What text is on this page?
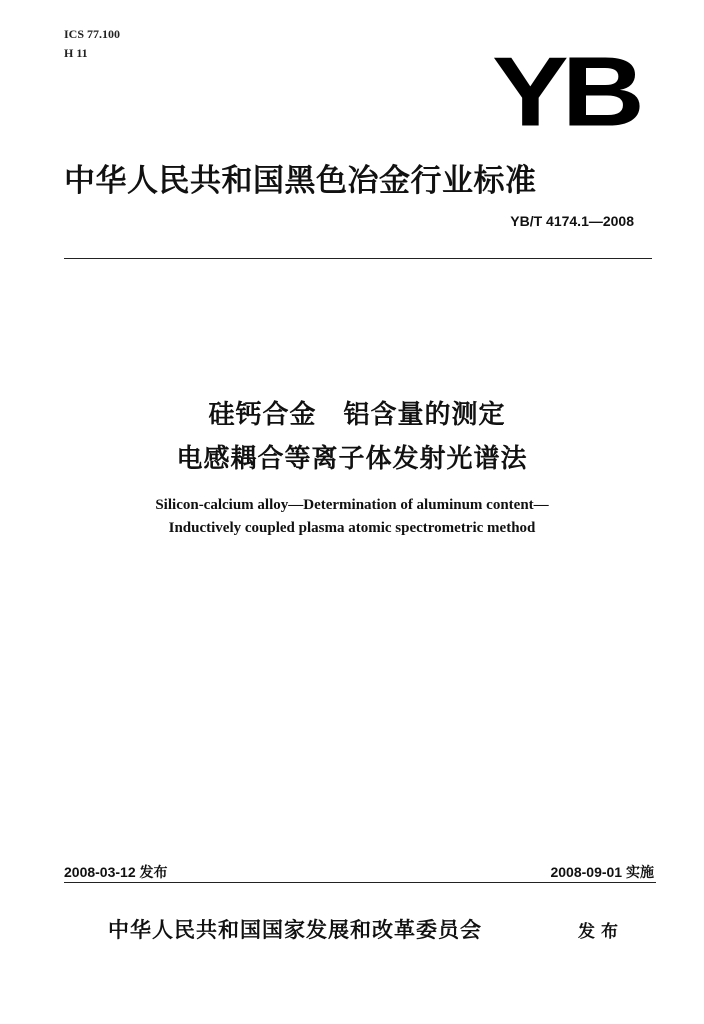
ICS 77.100
H 11	YB
中华人民共和国黑色冶金行业标准
YB/T 4174.1—2008
硅钙合金　铝含量的测定
电感耦合等离子体发射光谱法
Silicon-calcium alloy—Determination of aluminum content—
Inductively coupled plasma atomic spectrometric method
2008-03-12 发布	2008-09-01 实施
中华人民共和国国家发展和改革委员会	发布
